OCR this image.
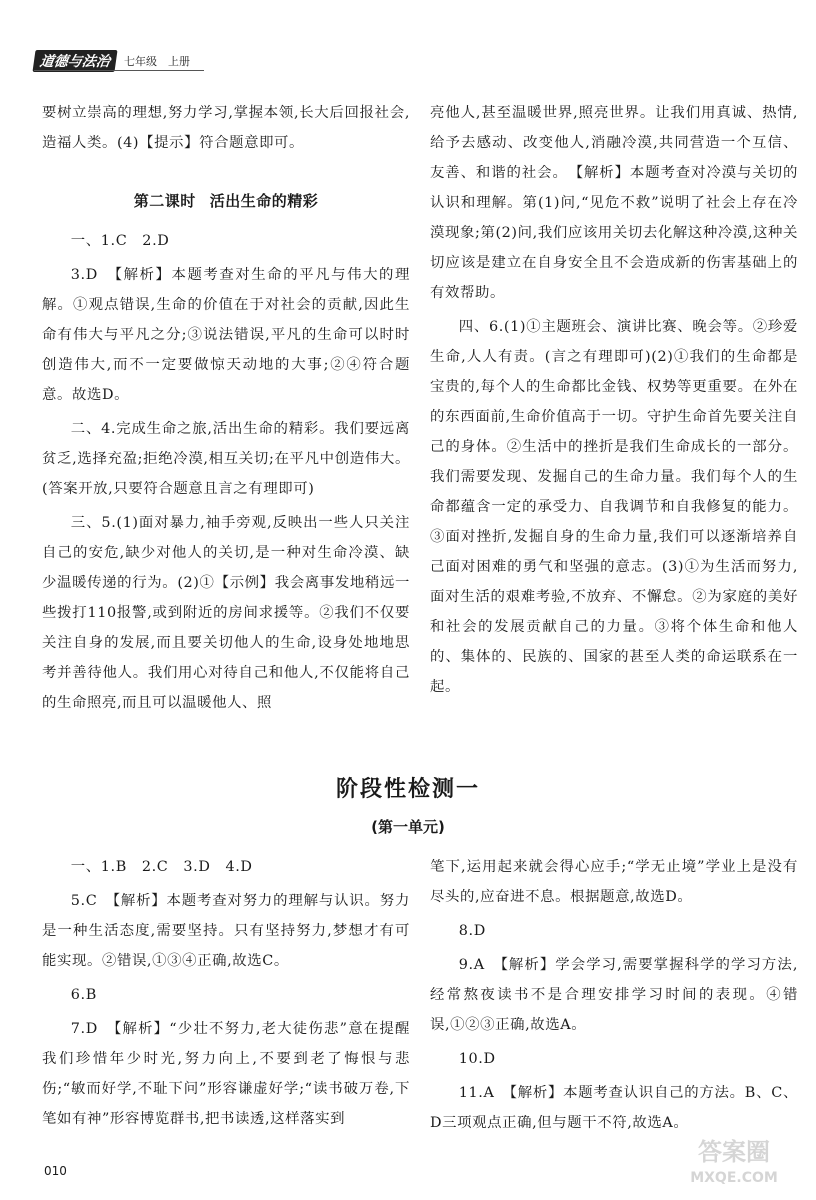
道德与法治	七年级　上册

要树立崇高的理想,努力学习,掌握本领,长大后回报社会,造福人类。(4)【提示】符合题意即可。

第二课时 活出生命的精彩

一、1.C　2.D

3.D　【解析】本题考查对生命的平凡与伟大的理解。①观点错误,生命的价值在于对社会的贡献,因此生命有伟大与平凡之分;③说法错误,平凡的生命可以时时创造伟大,而不一定要做惊天动地的大事;②④符合题意。故选D。

二、4.完成生命之旅,活出生命的精彩。我们要远离贫乏,选择充盈;拒绝冷漠,相互关切;在平凡中创造伟大。(答案开放,只要符合题意且言之有理即可)

三、5.(1)面对暴力,袖手旁观,反映出一些人只关注自己的安危,缺少对他人的关切,是一种对生命冷漠、缺少温暖传递的行为。(2)①【示例】我会离事发地稍远一些拨打110报警,或到附近的房间求援等。②我们不仅要关注自身的发展,而且要关切他人的生命,设身处地地思考并善待他人。我们用心对待自己和他人,不仅能将自己的生命照亮,而且可以温暖他人、照

亮他人,甚至温暖世界,照亮世界。让我们用真诚、热情,给予去感动、改变他人,消融冷漠,共同营造一个互信、友善、和谐的社会。　【解析】本题考查对冷漠与关切的认识和理解。第(1)问,“见危不救”说明了社会上存在冷漠现象;第(2)问,我们应该用关切去化解这种冷漠,这种关切应该是建立在自身安全且不会造成新的伤害基础上的有效帮助。

四、6.(1)①主题班会、演讲比赛、晚会等。②珍爱生命,人人有责。(言之有理即可)(2)①我们的生命都是宝贵的,每个人的生命都比金钱、权势等更重要。在外在的东西面前,生命价值高于一切。守护生命首先要关注自己的身体。②生活中的挫折是我们生命成长的一部分。我们需要发现、发掘自己的生命力量。我们每个人的生命都蕴含一定的承受力、自我调节和自我修复的能力。③面对挫折,发掘自身的生命力量,我们可以逐渐培养自己面对困难的勇气和坚强的意志。(3)①为生活而努力,面对生活的艰难考验,不放弃、不懈怠。②为家庭的美好和社会的发展贡献自己的力量。③将个体生命和他人的、集体的、民族的、国家的甚至人类的命运联系在一起。

阶段性检测一
(第一单元)

一、1.B　2.C　3.D　4.D

5.C　【解析】本题考查对努力的理解与认识。努力是一种生活态度,需要坚持。只有坚持努力,梦想才有可能实现。②错误,①③④正确,故选C。

6.B

7.D　【解析】“少壮不努力,老大徒伤悲”意在提醒我们珍惜年少时光,努力向上,不要到老了悔恨与悲伤;“敏而好学,不耻下问”形容谦虚好学;“读书破万卷,下笔如有神”形容博览群书,把书读透,这样落实到

笔下,运用起来就会得心应手;“学无止境”学业上是没有尽头的,应奋进不息。根据题意,故选D。

8.D

9.A　【解析】学会学习,需要掌握科学的学习方法,经常熬夜读书不是合理安排学习时间的表现。④错误,①②③正确,故选A。

10.D

11.A　【解析】本题考查认识自己的方法。B、C、D三项观点正确,但与题干不符,故选A。

010
答案圈
MXQE.COM
